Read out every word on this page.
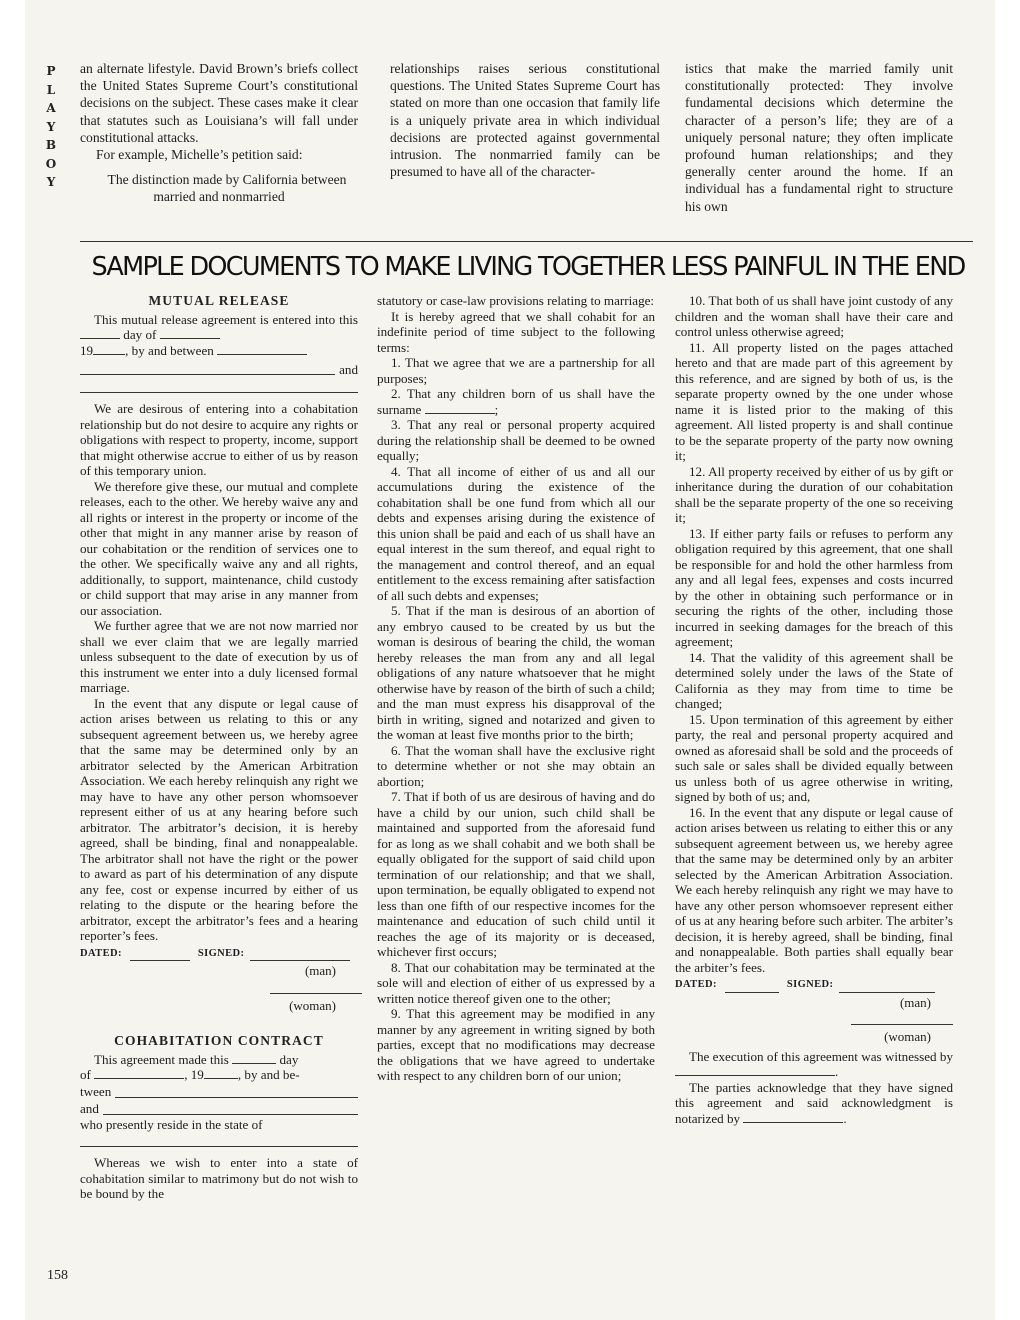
P
L
A
Y
B
O
Y

an alternate lifestyle. David Brown’s briefs collect the United States Supreme Court’s constitutional decisions on the subject. These cases make it clear that statutes such as Louisiana’s will fall under constitutional attacks.

For example, Michelle’s petition said:

The distinction made by California between married and nonmarried

relationships raises serious constitutional questions. The United States Supreme Court has stated on more than one occasion that family life is a uniquely private area in which individual decisions are protected against governmental intrusion. The nonmarried family can be presumed to have all of the character-

istics that make the married family unit constitutionally protected: They involve fundamental decisions which determine the character of a person’s life; they are of a uniquely personal nature; they often implicate profound human relationships; and they generally center around the home. If an individual has a fundamental right to structure his own

SAMPLE DOCUMENTS TO MAKE LIVING TOGETHER LESS PAINFUL IN THE END
MUTUAL RELEASE

This mutual release agreement is entered into this  day of
19 , by and between

and

We are desirous of entering into a cohabitation relationship but do not desire to acquire any rights or obligations with respect to property, income, support that might otherwise accrue to either of us by reason of this temporary union.

We therefore give these, our mutual and complete releases, each to the other. We hereby waive any and all rights or interest in the property or income of the other that might in any manner arise by reason of our cohabitation or the rendition of services one to the other. We specifically waive any and all rights, additionally, to support, maintenance, child custody or child support that may arise in any manner from our association.

We further agree that we are not now married nor shall we ever claim that we are legally married unless subsequent to the date of execution by us of this instrument we enter into a duly licensed formal marriage.

In the event that any dispute or legal cause of action arises between us relating to this or any subsequent agreement between us, we hereby agree that the same may be determined only by an arbitrator selected by the American Arbitration Association. We each hereby relinquish any right we may have to have any other person whomsoever represent either of us at any hearing before such arbitrator. The arbitrator’s decision, it is hereby agreed, shall be binding, final and nonappealable. The arbitrator shall not have the right or the power to award as part of his determination of any dispute any fee, cost or expense incurred by either of us relating to the dispute or the hearing before the arbitrator, except the arbitrator’s fees and a hearing reporter’s fees.

DATED:	SIGNED:
(man)
(woman)
COHABITATION CONTRACT

This agreement made this	day

of	, 19	, by and be-

tween
and

who presently reside in the state of

Whereas we wish to enter into a state of cohabitation similar to matrimony but do not wish to be bound by the

statutory or case-law provisions relating to marriage:

It is hereby agreed that we shall cohabit for an indefinite period of time subject to the following terms:

1. That we agree that we are a partnership for all purposes;

2. That any children born of us shall have the surname	;

3. That any real or personal property acquired during the relationship shall be deemed to be owned equally;

4. That all income of either of us and all our accumulations during the existence of the cohabitation shall be one fund from which all our debts and expenses arising during the existence of this union shall be paid and each of us shall have an equal interest in the sum thereof, and equal right to the management and control thereof, and an equal entitlement to the excess remaining after satisfaction of all such debts and expenses;

5. That if the man is desirous of an abortion of any embryo caused to be created by us but the woman is desirous of bearing the child, the woman hereby releases the man from any and all legal obligations of any nature whatsoever that he might otherwise have by reason of the birth of such a child; and the man must express his disapproval of the birth in writing, signed and notarized and given to the woman at least five months prior to the birth;

6. That the woman shall have the exclusive right to determine whether or not she may obtain an abortion;

7. That if both of us are desirous of having and do have a child by our union, such child shall be maintained and supported from the aforesaid fund for as long as we shall cohabit and we both shall be equally obligated for the support of said child upon termination of our relationship; and that we shall, upon termination, be equally obligated to expend not less than one fifth of our respective incomes for the maintenance and education of such child until it reaches the age of its majority or is deceased, whichever first occurs;

8. That our cohabitation may be terminated at the sole will and election of either of us expressed by a written notice thereof given one to the other;

9. That this agreement may be modified in any manner by any agreement in writing signed by both parties, except that no modifications may decrease the obligations that we have agreed to undertake with respect to any children born of our union;

10. That both of us shall have joint custody of any children and the woman shall have their care and control unless otherwise agreed;

11. All property listed on the pages attached hereto and that are made part of this agreement by this reference, and are signed by both of us, is the separate property owned by the one under whose name it is listed prior to the making of this agreement. All listed property is and shall continue to be the separate property of the party now owning it;

12. All property received by either of us by gift or inheritance during the duration of our cohabitation shall be the separate property of the one so receiving it;

13. If either party fails or refuses to perform any obligation required by this agreement, that one shall be responsible for and hold the other harmless from any and all legal fees, expenses and costs incurred by the other in obtaining such performance or in securing the rights of the other, including those incurred in seeking damages for the breach of this agreement;

14. That the validity of this agreement shall be determined solely under the laws of the State of California as they may from time to time be changed;

15. Upon termination of this agreement by either party, the real and personal property acquired and owned as aforesaid shall be sold and the proceeds of such sale or sales shall be divided equally between us unless both of us agree otherwise in writing, signed by both of us; and,

16. In the event that any dispute or legal cause of action arises between us relating to either this or any subsequent agreement between us, we hereby agree that the same may be determined only by an arbiter selected by the American Arbitration Association. We each hereby relinquish any right we may have to have any other person whomsoever represent either of us at any hearing before such arbiter. The arbiter’s decision, it is hereby agreed, shall be binding, final and nonappealable. Both parties shall equally bear the arbiter’s fees.

DATED:	SIGNED:
(man)
(woman)

The execution of this agreement was witnessed by .

The parties acknowledge that they have signed this agreement and said acknowledgment is notarized by	.

158
